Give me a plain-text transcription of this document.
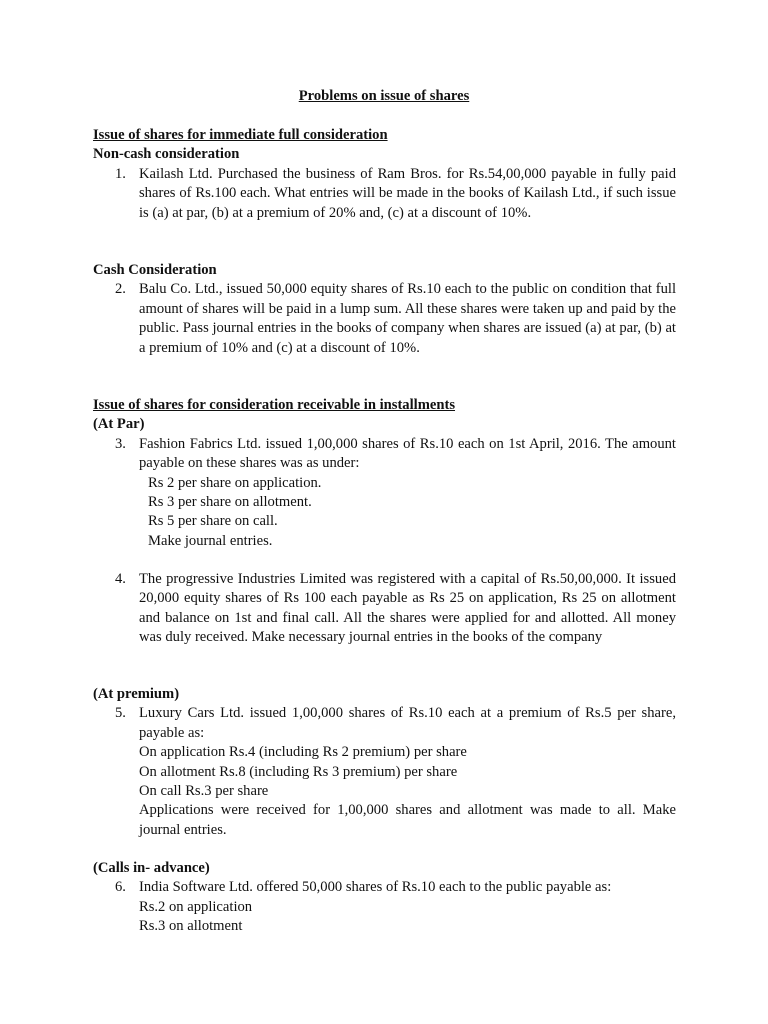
Problems on issue of shares
Issue of shares for immediate full consideration
Non-cash consideration
1. Kailash Ltd. Purchased the business of Ram Bros. for Rs.54,00,000 payable in fully paid shares of Rs.100 each. What entries will be made in the books of Kailash Ltd., if such issue is (a) at par, (b) at a premium of 20% and, (c) at a discount of 10%.
Cash Consideration
2. Balu Co. Ltd., issued 50,000 equity shares of Rs.10 each to the public on condition that full amount of shares will be paid in a lump sum. All these shares were taken up and paid by the public. Pass journal entries in the books of company when shares are issued (a) at par, (b) at a premium of 10% and (c) at a discount of 10%.
Issue of shares for consideration receivable in installments
(At Par)
3. Fashion Fabrics Ltd. issued 1,00,000 shares of Rs.10 each on 1st April, 2016. The amount payable on these shares was as under:
Rs 2 per share on application.
Rs 3 per share on allotment.
Rs 5 per share on call.
Make journal entries.
4. The progressive Industries Limited was registered with a capital of Rs.50,00,000. It issued 20,000 equity shares of Rs 100 each payable as Rs 25 on application, Rs 25 on allotment and balance on 1st and final call. All the shares were applied for and allotted. All money was duly received. Make necessary journal entries in the books of the company
(At premium)
5. Luxury Cars Ltd. issued 1,00,000 shares of Rs.10 each at a premium of Rs.5 per share, payable as:
On application Rs.4 (including Rs 2 premium) per share
On allotment Rs.8 (including Rs 3 premium) per share
On call Rs.3 per share
Applications were received for 1,00,000 shares and allotment was made to all. Make journal entries.
(Calls in- advance)
6. India Software Ltd. offered 50,000 shares of Rs.10 each to the public payable as:
Rs.2 on application
Rs.3 on allotment
